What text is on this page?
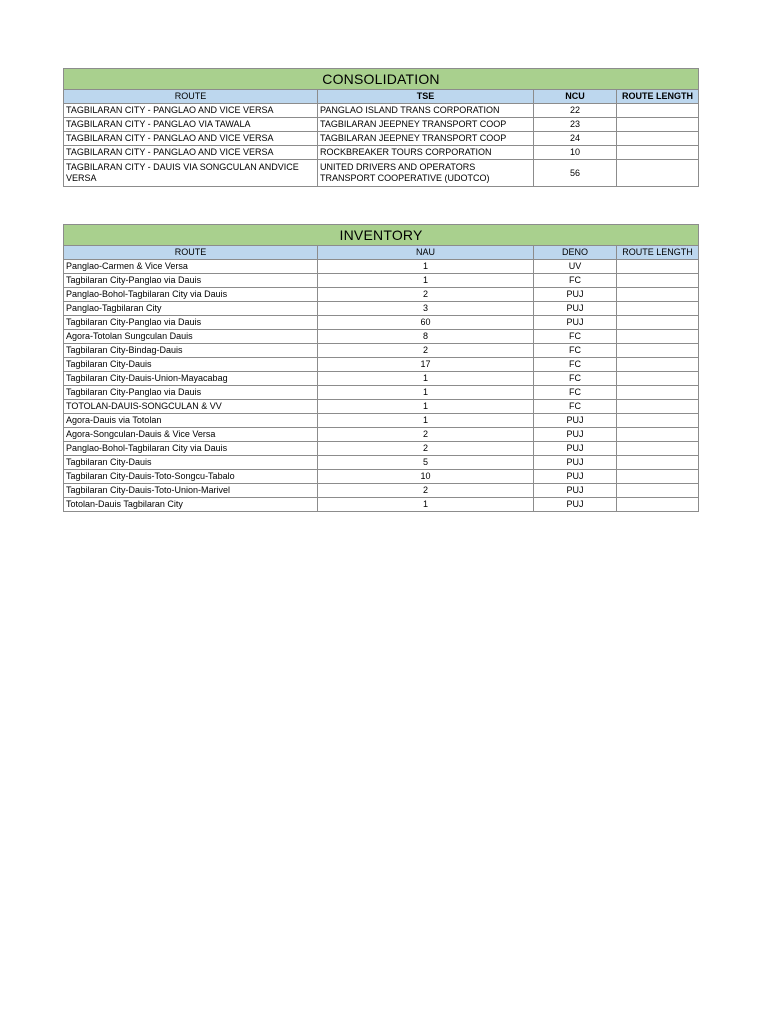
CONSOLIDATION			
ROUTE	TSE	NCU	ROUTE LENGTH
TAGBILARAN CITY - PANGLAO AND VICE VERSA	PANGLAO ISLAND TRANS CORPORATION	22	
TAGBILARAN CITY - PANGLAO VIA TAWALA	TAGBILARAN JEEPNEY TRANSPORT COOP	23	
TAGBILARAN CITY - PANGLAO AND VICE VERSA	TAGBILARAN JEEPNEY TRANSPORT COOP	24	
TAGBILARAN CITY - PANGLAO AND VICE VERSA	ROCKBREAKER TOURS CORPORATION	10	
TAGBILARAN CITY - DAUIS VIA SONGCULAN ANDVICE VERSA	UNITED DRIVERS AND OPERATORS TRANSPORT COOPERATIVE (UDOTCO)	56	
INVENTORY			
ROUTE	NAU	DENO	ROUTE LENGTH
Panglao-Carmen & Vice Versa	1	UV	
Tagbilaran City-Panglao via Dauis	1	FC	
Panglao-Bohol-Tagbilaran City via Dauis	2	PUJ	
Panglao-Tagbilaran City	3	PUJ	
Tagbilaran City-Panglao via Dauis	60	PUJ	
Agora-Totolan Sungculan Dauis	8	FC	
Tagbilaran City-Bindag-Dauis	2	FC	
Tagbilaran City-Dauis	17	FC	
Tagbilaran City-Dauis-Union-Mayacabag	1	FC	
Tagbilaran City-Panglao via Dauis	1	FC	
TOTOLAN-DAUIS-SONGCULAN & VV	1	FC	
Agora-Dauis via Totolan	1	PUJ	
Agora-Songculan-Dauis & Vice Versa	2	PUJ	
Panglao-Bohol-Tagbilaran City via Dauis	2	PUJ	
Tagbilaran City-Dauis	5	PUJ	
Tagbilaran City-Dauis-Toto-Songcu-Tabalo	10	PUJ	
Tagbilaran City-Dauis-Toto-Union-Marivel	2	PUJ	
Totolan-Dauis Tagbilaran City	1	PUJ	
